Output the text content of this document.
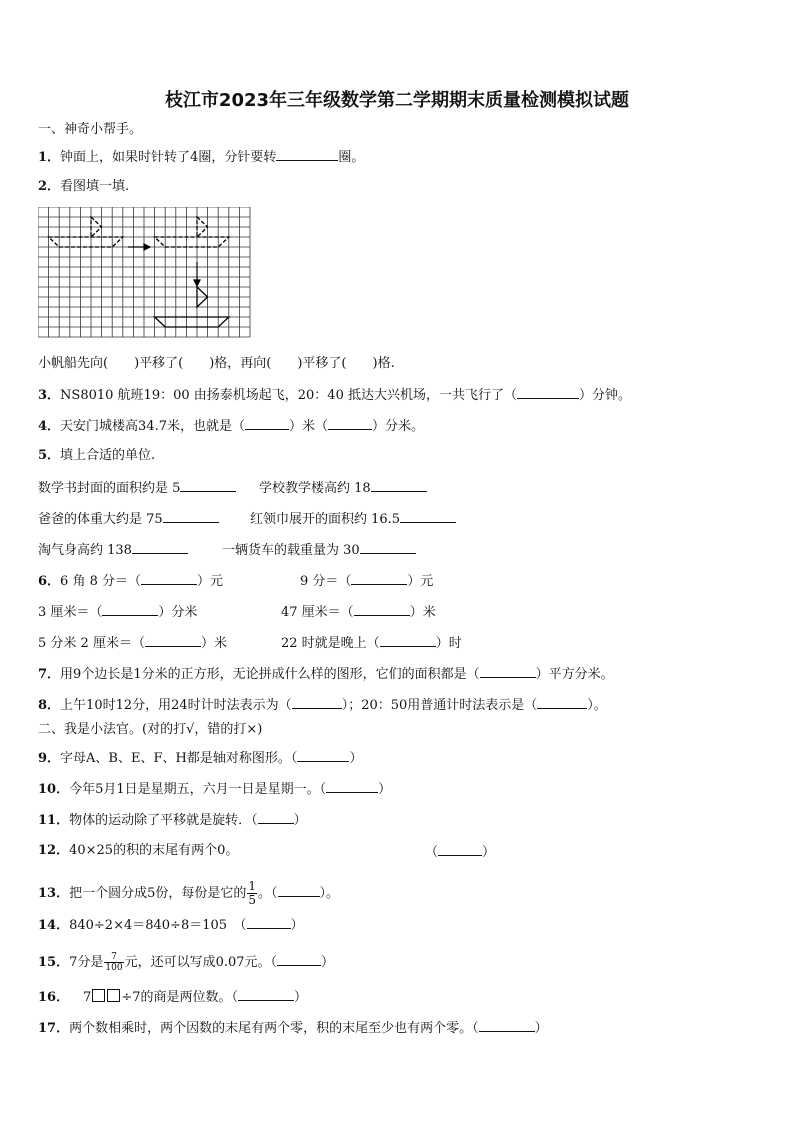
枝江市2023年三年级数学第二学期期末质量检测模拟试题
一、神奇小帮手。
1．钟面上，如果时针转了4圈，分针要转	圈。
2．看图填一填.
小帆船先向(　　)平移了(　　)格，再向(　　)平移了(　　)格.
3．NS8010 航班19：00 由扬泰机场起飞，20：40 抵达大兴机场，一共飞行了（	）分钟。
4．天安门城楼高34.7米，也就是（	）米（	）分米。
5．填上合适的单位.
数学书封面的面积约是 5	学校教学楼高约 18
爸爸的体重大约是 75	红领巾展开的面积约 16.5
淘气身高约 138	一辆货车的载重量为 30
6．6 角 8 分＝（	）元	9 分＝（	）元
3 厘米＝（	）分米	47 厘米＝（	）米
5 分米 2 厘米＝（	）米	22 时就是晚上（	）时
7．用9个边长是1分米的正方形，无论拼成什么样的图形，它们的面积都是（	）平方分米。
8．上午10时12分，用24时计时法表示为（	）；20：50用普通计时法表示是（	）。
二、我是小法官。(对的打√，错的打×)
9．字母A、B、E、F、H都是轴对称图形。（	）
10．今年5月1日是星期五，六月一日是星期一。（	）
11．物体的运动除了平移就是旋转．（	）
12．40×25的积的末尾有两个0。	（	）
13．把一个圆分成5份，每份是它的 $\frac{1}{5}$ 。（	）。
14．840÷2×4＝840÷8＝105　（	）
15．7分是 $\frac{7}{100}$ 元，还可以写成0.07元。（	）
16． 7 ÷7的商是两位数。（	）
17．两个数相乘时，两个因数的末尾有两个零，积的末尾至少也有两个零。（	）
